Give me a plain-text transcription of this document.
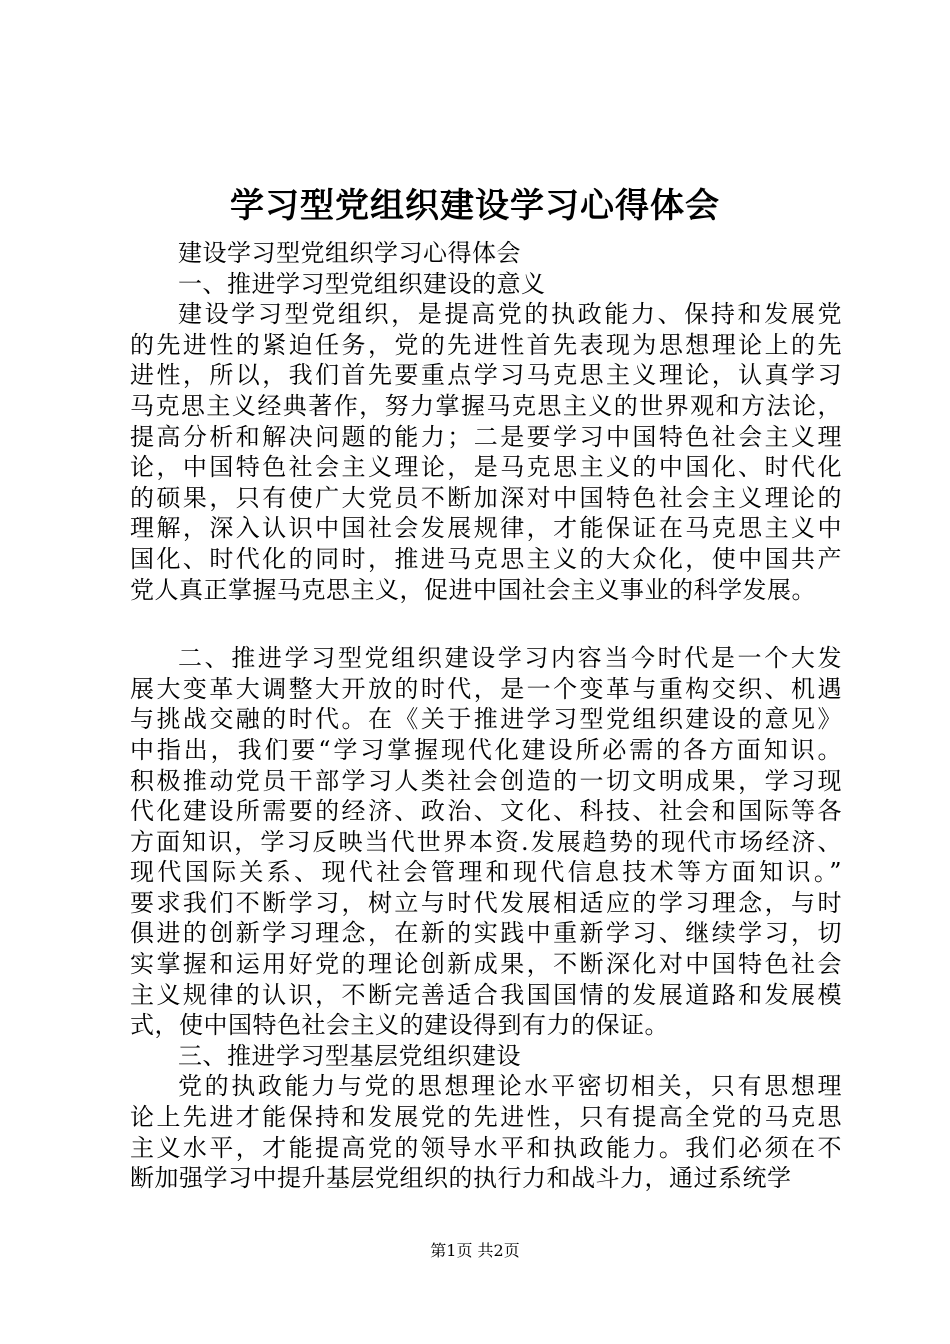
学习型党组织建设学习心得体会
建设学习型党组织学习心得体会
一、推进学习型党组织建设的意义
建设学习型党组织，是提高党的执政能力、保持和发展党
的先进性的紧迫任务，党的先进性首先表现为思想理论上的先
进性，所以，我们首先要重点学习马克思主义理论，认真学习
马克思主义经典著作，努力掌握马克思主义的世界观和方法论，
提高分析和解决问题的能力；二是要学习中国特色社会主义理
论，中国特色社会主义理论，是马克思主义的中国化、时代化
的硕果，只有使广大党员不断加深对中国特色社会主义理论的
理解，深入认识中国社会发展规律，才能保证在马克思主义中
国化、时代化的同时，推进马克思主义的大众化，使中国共产
党人真正掌握马克思主义，促进中国社会主义事业的科学发展。
二、推进学习型党组织建设学习内容当今时代是一个大发
展大变革大调整大开放的时代，是一个变革与重构交织、机遇
与挑战交融的时代。在《关于推进学习型党组织建设的意见》
中指出，我们要“学习掌握现代化建设所必需的各方面知识。
积极推动党员干部学习人类社会创造的一切文明成果，学习现
代化建设所需要的经济、政治、文化、科技、社会和国际等各
方面知识，学习反映当代世界本资.发展趋势的现代市场经济、
现代国际关系、现代社会管理和现代信息技术等方面知识。”
要求我们不断学习，树立与时代发展相适应的学习理念，与时
俱进的创新学习理念，在新的实践中重新学习、继续学习，切
实掌握和运用好党的理论创新成果，不断深化对中国特色社会
主义规律的认识，不断完善适合我国国情的发展道路和发展模
式，使中国特色社会主义的建设得到有力的保证。
三、推进学习型基层党组织建设
党的执政能力与党的思想理论水平密切相关，只有思想理
论上先进才能保持和发展党的先进性，只有提高全党的马克思
主义水平，才能提高党的领导水平和执政能力。我们必须在不
断加强学习中提升基层党组织的执行力和战斗力，通过系统学
第1页 共2页
